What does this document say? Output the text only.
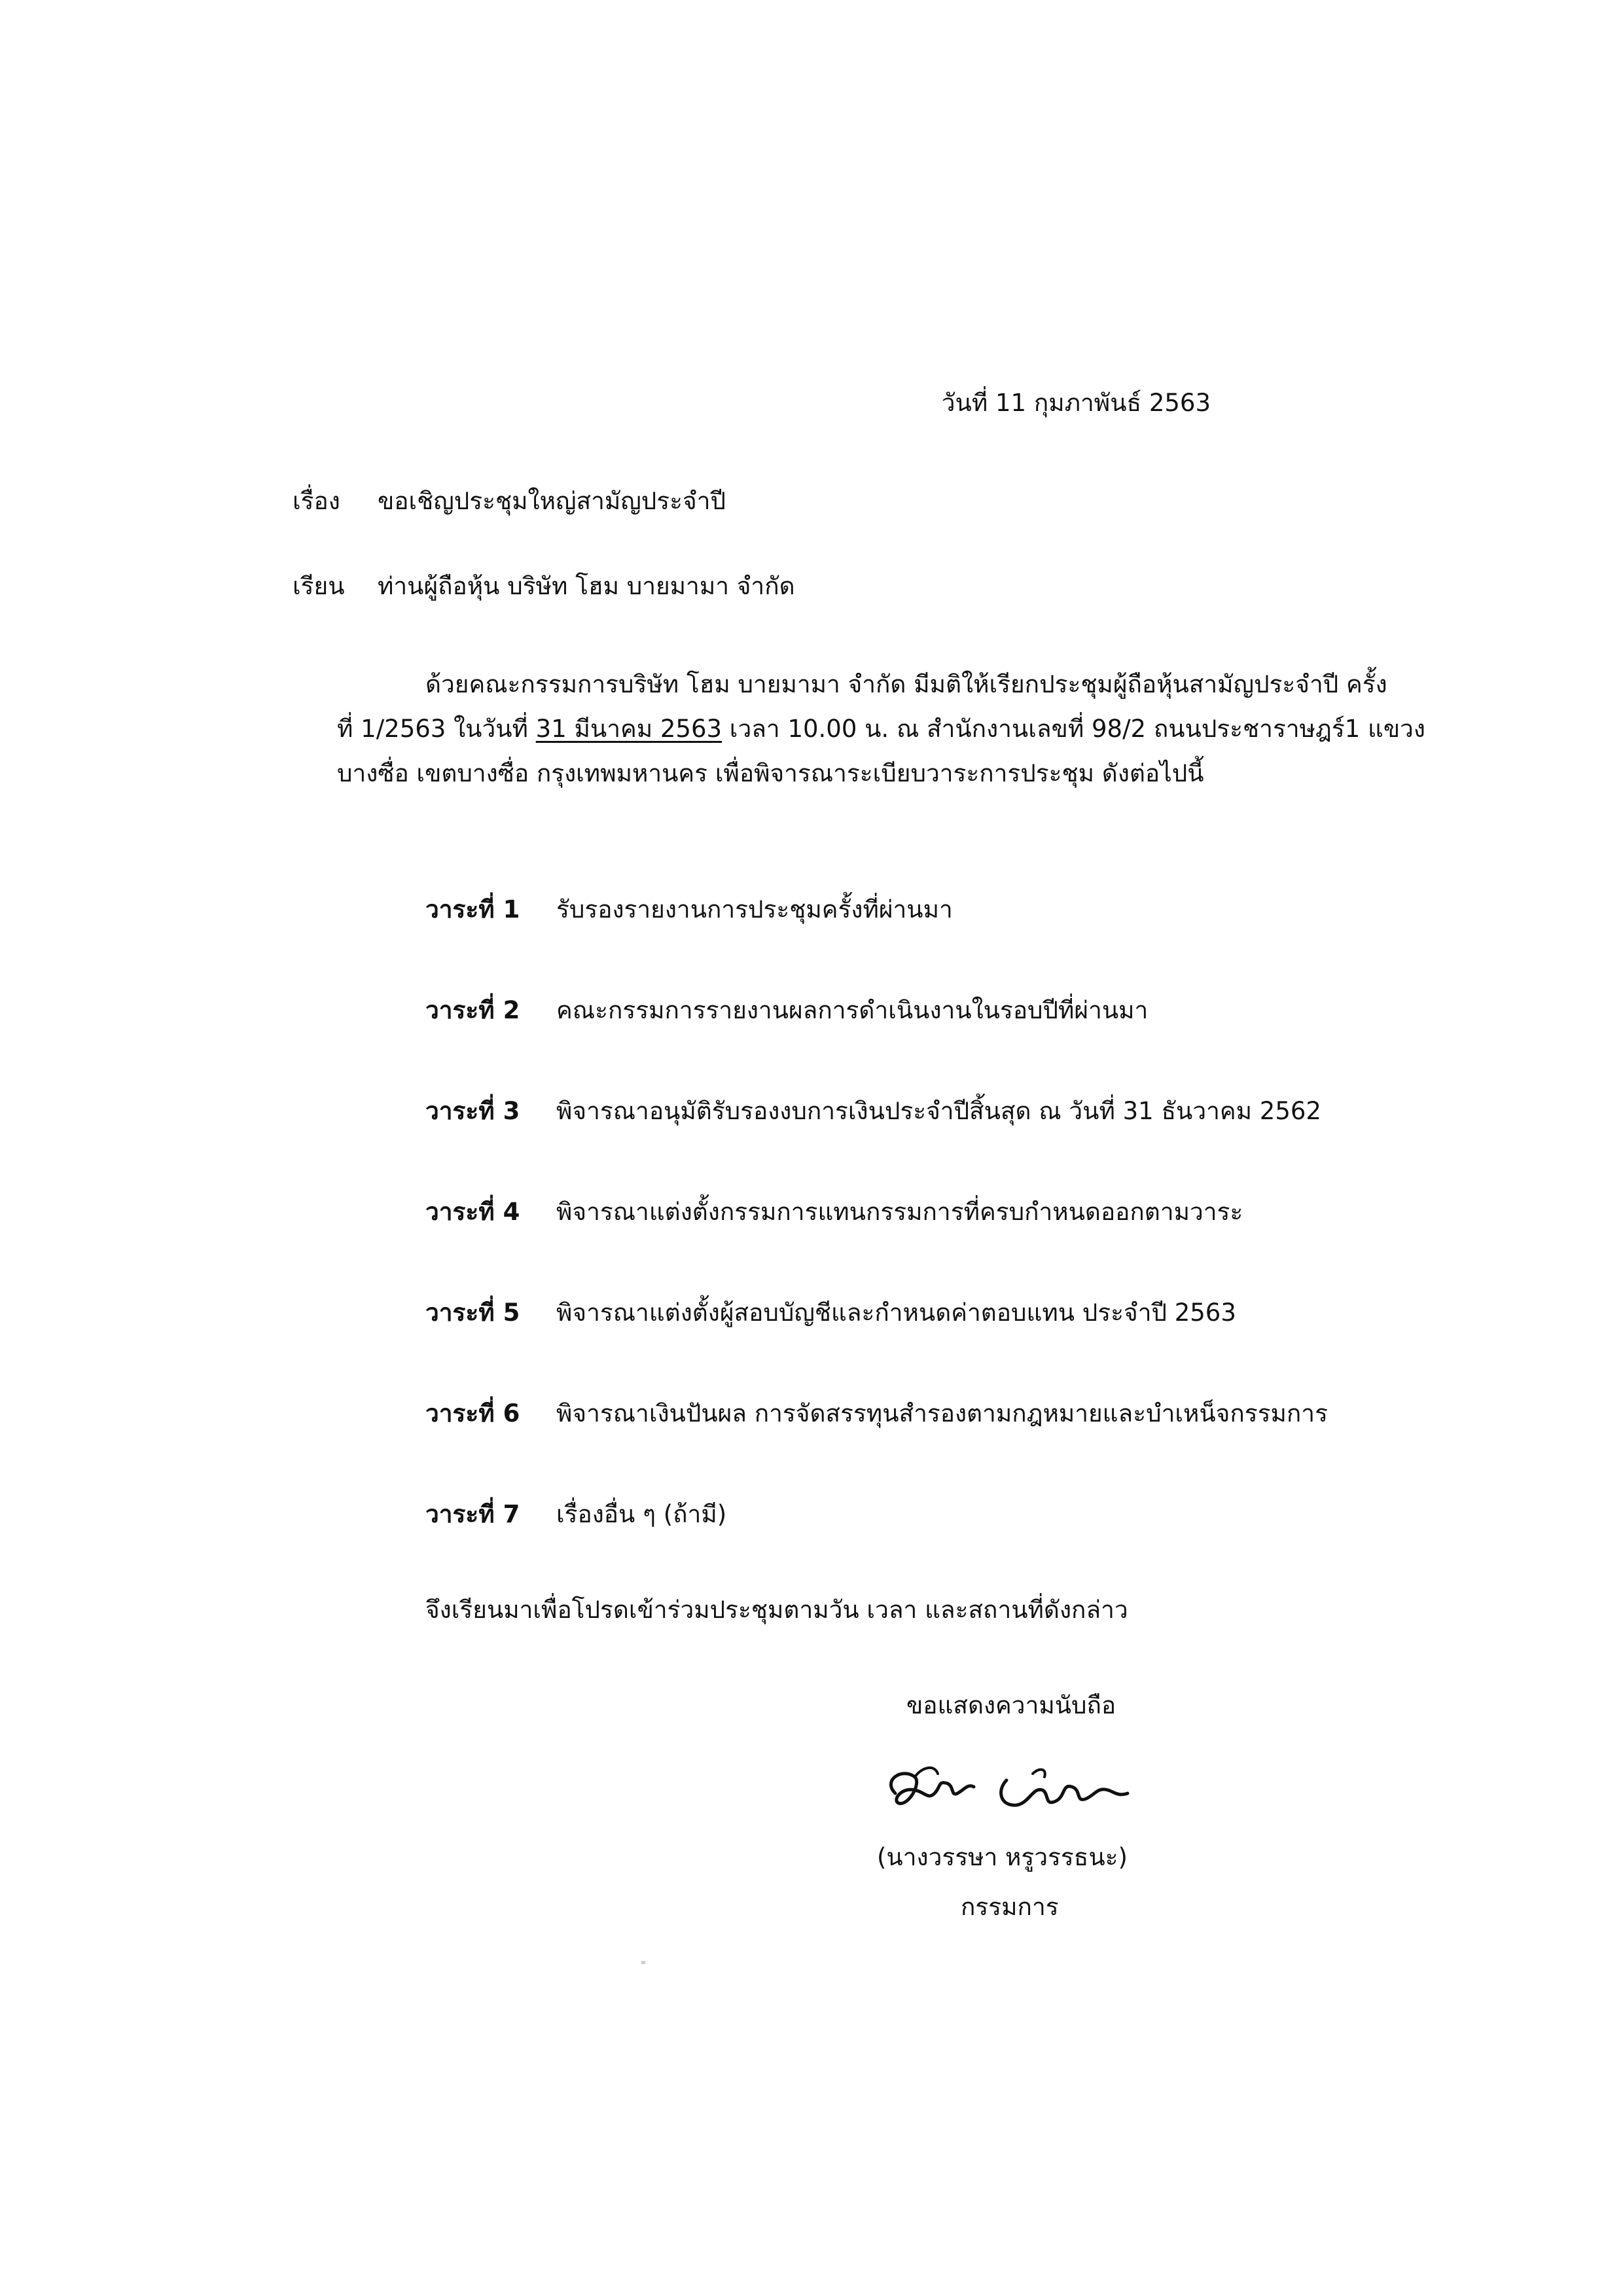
วันที่ 11 กุมภาพันธ์ 2563
เรื่อง ขอเชิญประชุมใหญ่สามัญประจำปี
เรียน ท่านผู้ถือหุ้น บริษัท โฮม บายมามา จำกัด
ด้วยคณะกรรมการบริษัท โฮม บายมามา จำกัด มีมติให้เรียกประชุมผู้ถือหุ้นสามัญประจำปี ครั้ง
ที่ 1/2563 ในวันที่ 31 มีนาคม 2563 เวลา 10.00 น. ณ สำนักงานเลขที่ 98/2 ถนนประชาราษฎร์1 แขวง
บางซื่อ เขตบางซื่อ กรุงเทพมหานคร เพื่อพิจารณาระเบียบวาระการประชุม ดังต่อไปนี้
วาระที่ 1	รับรองรายงานการประชุมครั้งที่ผ่านมา
วาระที่ 2	คณะกรรมการรายงานผลการดำเนินงานในรอบปีที่ผ่านมา
วาระที่ 3	พิจารณาอนุมัติรับรองงบการเงินประจำปีสิ้นสุด ณ วันที่ 31 ธันวาคม 2562
วาระที่ 4	พิจารณาแต่งตั้งกรรมการแทนกรรมการที่ครบกำหนดออกตามวาระ
วาระที่ 5	พิจารณาแต่งตั้งผู้สอบบัญชีและกำหนดค่าตอบแทน ประจำปี 2563
วาระที่ 6	พิจารณาเงินปันผล การจัดสรรทุนสำรองตามกฎหมายและบำเหน็จกรรมการ
วาระที่ 7	เรื่องอื่น ๆ (ถ้ามี)
จึงเรียนมาเพื่อโปรดเข้าร่วมประชุมตามวัน เวลา และสถานที่ดังกล่าว
ขอแสดงความนับถือ
(นางวรรษา หรูวรรธนะ)
กรรมการ
